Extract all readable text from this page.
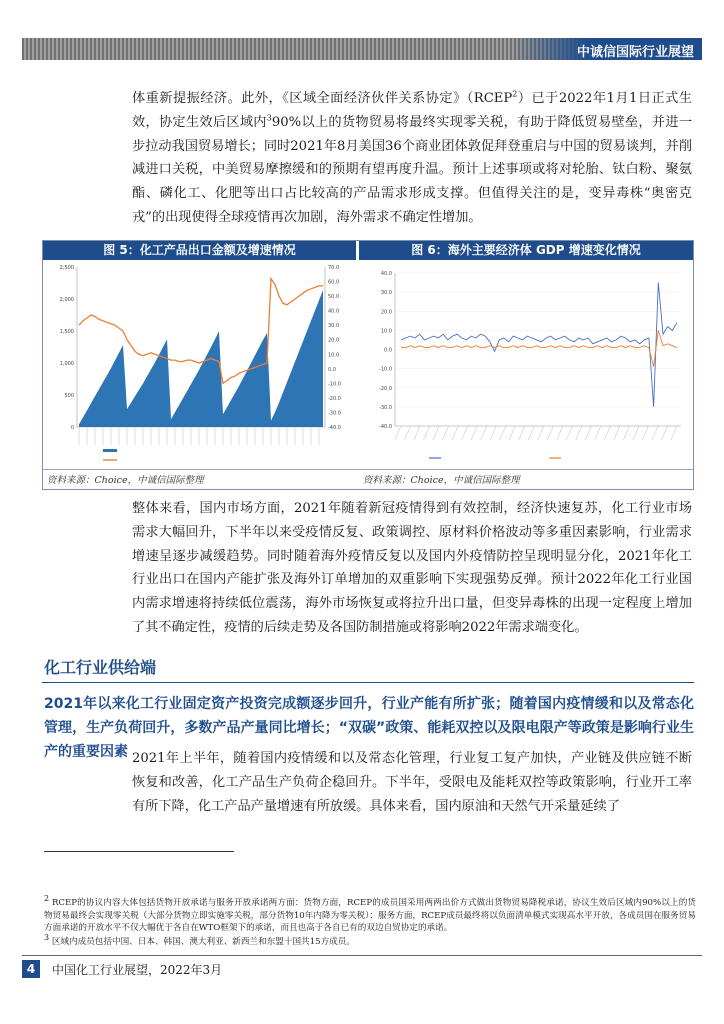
中诚信国际行业展望
体重新提振经济。此外，《区域全面经济伙伴关系协定》（RCEP$^2$）已于2022年1月1日正式生效，协定生效后区域内$^3$90%以上的货物贸易将最终实现零关税，有助于降低贸易壁垒，并进一步拉动我国贸易增长；同时2021年8月美国36个商业团体敦促拜登重启与中国的贸易谈判，并削减进口关税，中美贸易摩擦缓和的预期有望再度升温。预计上述事项或将对轮胎、钛白粉、聚氨酯、磷化工、化肥等出口占比较高的产品需求形成支撑。但值得关注的是，变异毒株“奥密克戎”的出现使得全球疫情再次加剧，海外需求不确定性增加。
图 5：化工产品出口金额及增速情况	图 6：海外主要经济体 GDP 增速变化情况
2,500
2,000
1,500
1,000
500
0
70.0
60.0
50.0
40.0
30.0
20.0
10.0
0.0
-10.0
-20.0
-30.0
-40.0
40.0
30.0
20.0
10.0
0.0
-10.0
-20.0
-30.0
-40.0
资料来源：Choice，中诚信国际整理	资料来源：Choice，中诚信国际整理
整体来看，国内市场方面，2021年随着新冠疫情得到有效控制，经济快速复苏，化工行业市场需求大幅回升，下半年以来受疫情反复、政策调控、原材料价格波动等多重因素影响，行业需求增速呈逐步减缓趋势。同时随着海外疫情反复以及国内外疫情防控呈现明显分化，2021年化工行业出口在国内产能扩张及海外订单增加的双重影响下实现强势反弹。预计2022年化工行业国内需求增速将持续低位震荡，海外市场恢复或将拉升出口量，但变异毒株的出现一定程度上增加了其不确定性，疫情的后续走势及各国防制措施或将影响2022年需求端变化。
化工行业供给端
2021年以来化工行业固定资产投资完成额逐步回升，行业产能有所扩张；随着国内疫情缓和以及常态化管理，生产负荷回升，多数产品产量同比增长；“双碳”政策、能耗双控以及限电限产等政策是影响行业生产的重要因素 2021年上半年，随着国内疫情缓和以及常态化管理，行业复工复产加快，产业链及供应链不断恢复和改善，化工产品生产负荷企稳回升。下半年，受限电及能耗双控等政策影响，行业开工率有所下降，化工产品产量增速有所放缓。具体来看，国内原油和天然气开采量延续了
$^2$ RCEP的协议内容大体包括货物开放承诺与服务开放承诺两方面：货物方面，RCEP的成员国采用两两出价方式做出货物贸易降税承诺，协议生效后区域内90%以上的货物贸易最终会实现零关税（大部分货物立即实施零关税，部分货物10年内降为零关税）；服务方面，RCEP成员最终将以负面清单模式实现高水平开放，各成员国在服务贸易方面承诺的开放水平不仅大幅优于各自在WTO框架下的承诺，而且也高于各自已有的双边自贸协定的承诺。
$^3$ 区域内成员包括中国、日本、韩国、澳大利亚、新西兰和东盟十国共15方成员。
4	中国化工行业展望，2022年3月
